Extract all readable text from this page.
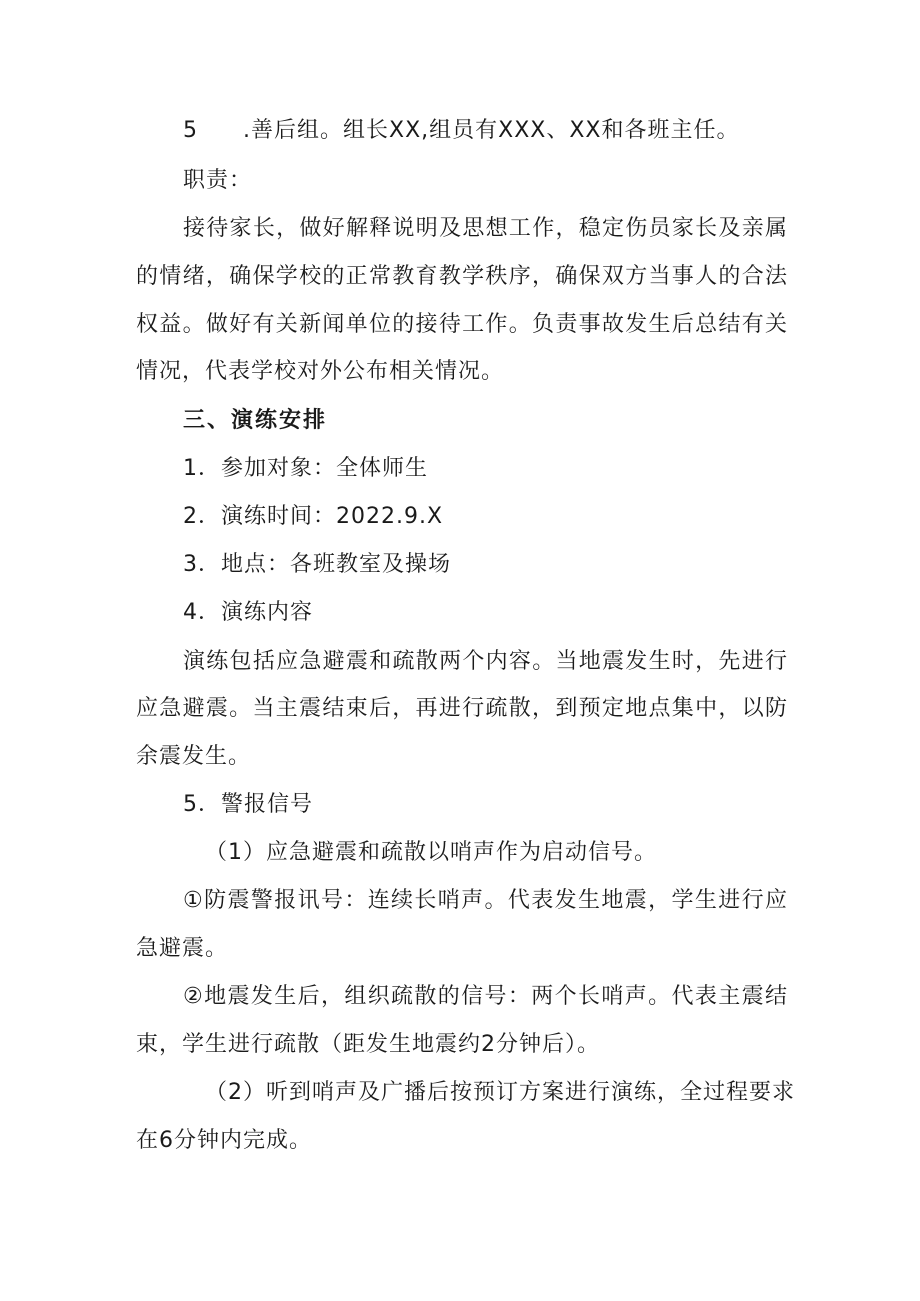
5 .善后组。组长XX,组员有XXX、XX和各班主任。
职责：
接待家长，做好解释说明及思想工作，稳定伤员家长及亲属
的情绪，确保学校的正常教育教学秩序，确保双方当事人的合法
权益。做好有关新闻单位的接待工作。负责事故发生后总结有关
情况，代表学校对外公布相关情况。
三、演练安排
1．参加对象：全体师生
2．演练时间：2022.9.X
3．地点：各班教室及操场
4．演练内容
演练包括应急避震和疏散两个内容。当地震发生时，先进行
应急避震。当主震结束后，再进行疏散，到预定地点集中，以防
余震发生。
5．警报信号
（1）应急避震和疏散以哨声作为启动信号。
①防震警报讯号：连续长哨声。代表发生地震，学生进行应
急避震。
②地震发生后，组织疏散的信号：两个长哨声。代表主震结
束，学生进行疏散（距发生地震约2分钟后）。
（2）听到哨声及广播后按预订方案进行演练，全过程要求
在6分钟内完成。
